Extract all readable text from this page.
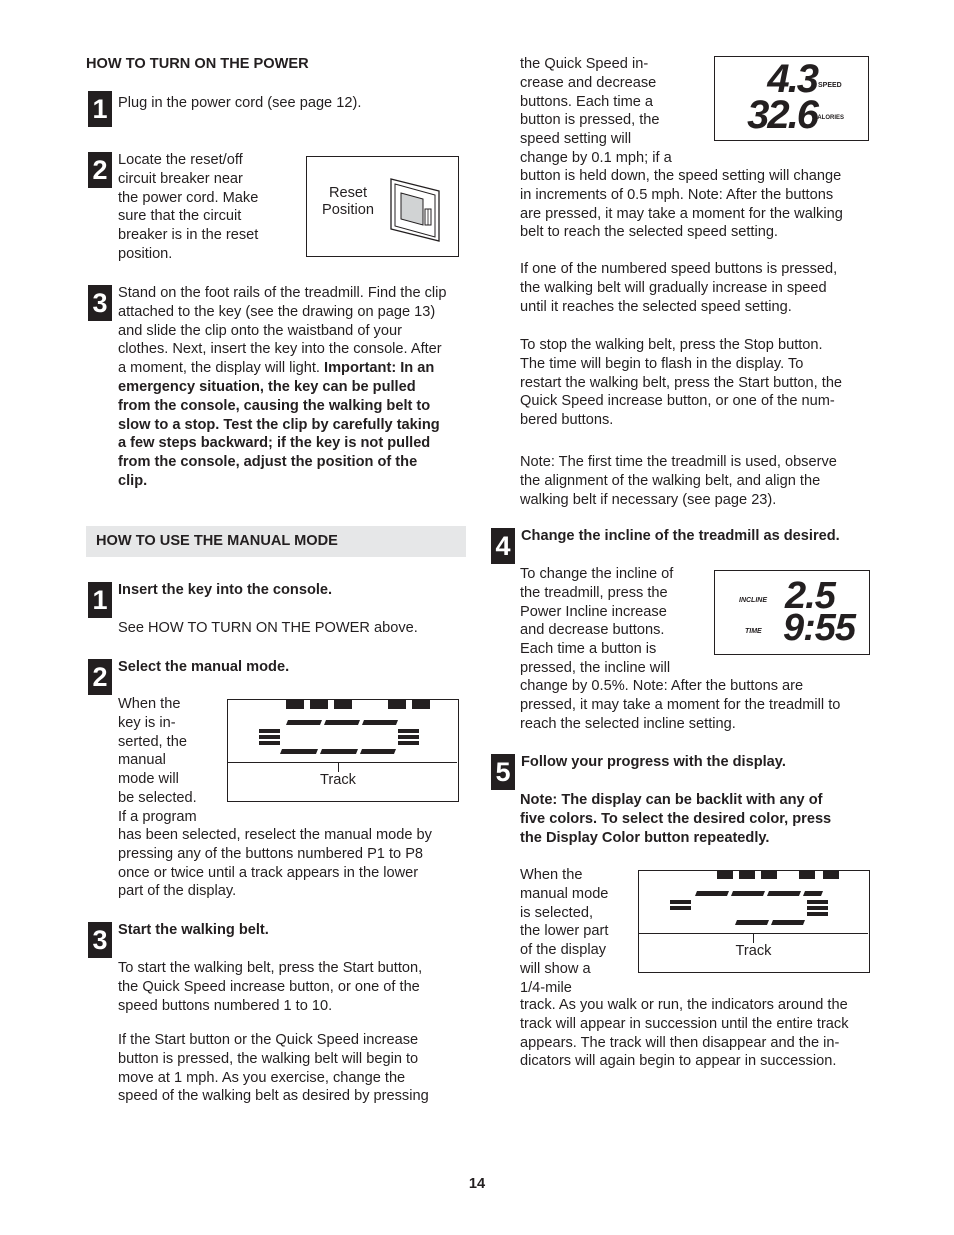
HOW TO TURN ON THE POWER
1 Plug in the power cord (see page 12).
2 Locate the reset/off
circuit breaker near
the power cord. Make
sure that the circuit
breaker is in the reset
position.
Reset
Position
3 Stand on the foot rails of the treadmill. Find the clip
attached to the key (see the drawing on page 13)
and slide the clip onto the waistband of your
clothes. Next, insert the key into the console. After
a moment, the display will light. Important: In an
emergency situation, the key can be pulled
from the console, causing the walking belt to
slow to a stop. Test the clip by carefully taking
a few steps backward; if the key is not pulled
from the console, adjust the position of the
clip.
HOW TO USE THE MANUAL MODE
1 Insert the key into the console.
See HOW TO TURN ON THE POWER above.
2 Select the manual mode.
When the
key is in-
serted, the
manual
mode will
be selected.
If a program
has been selected, reselect the manual mode by
pressing any of the buttons numbered P1 to P8
once or twice until a track appears in the lower
part of the display.
Track
3 Start the walking belt.
To start the walking belt, press the Start button,
the Quick Speed increase button, or one of the
speed buttons numbered 1 to 10.
If the Start button or the Quick Speed increase
button is pressed, the walking belt will begin to
move at 1 mph. As you exercise, change the
speed of the walking belt as desired by pressing
the Quick Speed in-
crease and decrease
buttons. Each time a
button is pressed, the
speed setting will
change by 0.1 mph; if a
button is held down, the speed setting will change
in increments of 0.5 mph. Note: After the buttons
are pressed, it may take a moment for the walking
belt to reach the selected speed setting.
4.3 SPEED
32.6
CALORIES
If one of the numbered speed buttons is pressed,
the walking belt will gradually increase in speed
until it reaches the selected speed setting.
To stop the walking belt, press the Stop button.
The time will begin to flash in the display. To
restart the walking belt, press the Start button, the
Quick Speed increase button, or one of the num-
bered buttons.
Note: The first time the treadmill is used, observe
the alignment of the walking belt, and align the
walking belt if necessary (see page 23).
4 Change the incline of the treadmill as desired.
To change the incline of
the treadmill, press the
Power Incline increase
and decrease buttons.
Each time a button is
pressed, the incline will
change by 0.5%. Note: After the buttons are
pressed, it may take a moment for the treadmill to
reach the selected incline setting.
INCLINE 2.5
TIME 9:55
5 Follow your progress with the display.
Note: The display can be backlit with any of
five colors. To select the desired color, press
the Display Color button repeatedly.
When the
manual mode
is selected,
the lower part
of the display
will show a
1/4-mile
track. As you walk or run, the indicators around the
track will appear in succession until the entire track
appears. The track will then disappear and the in-
dicators will again begin to appear in succession.
Track
14
